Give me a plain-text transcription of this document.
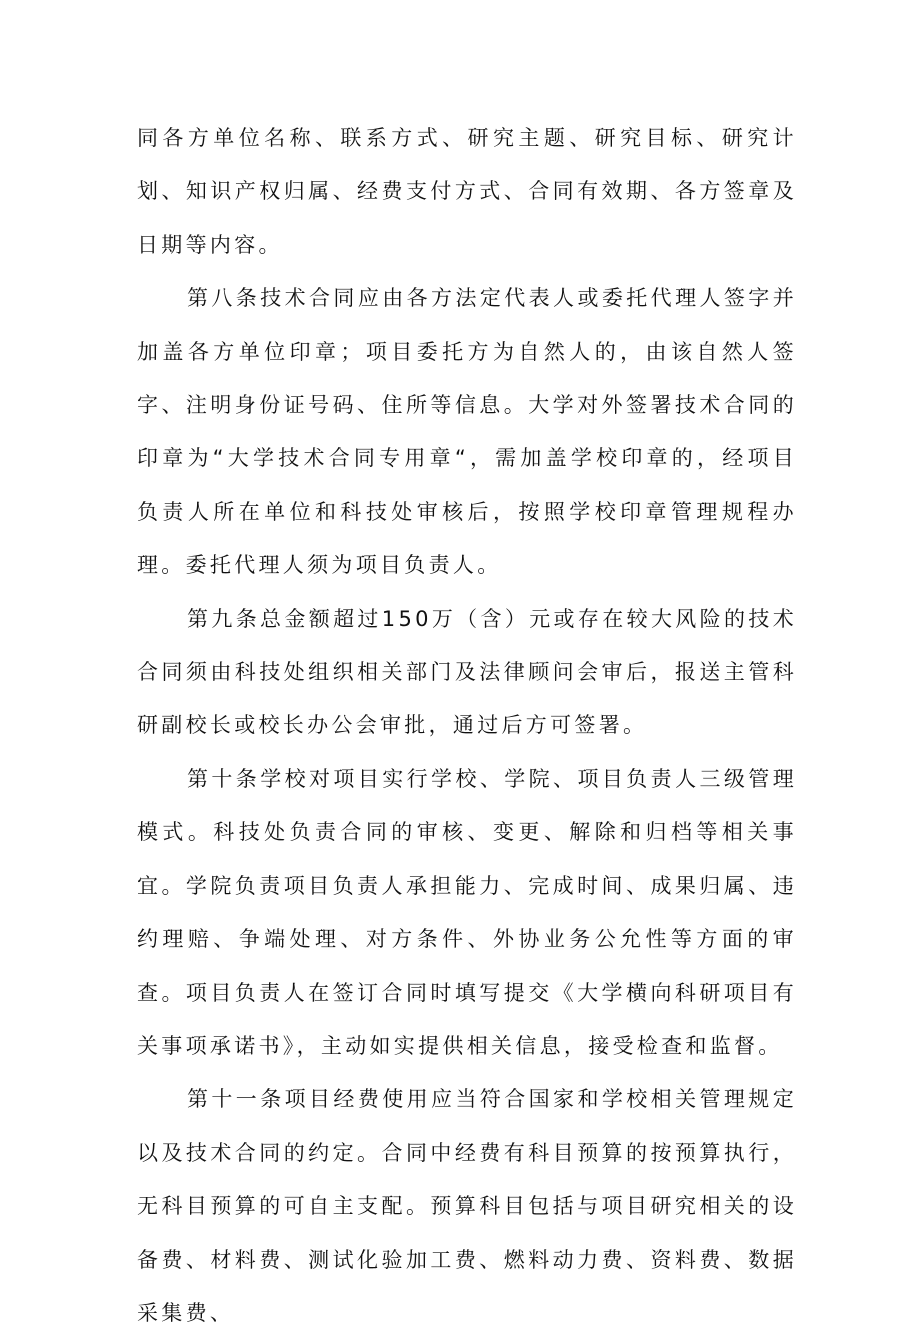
同各方单位名称、联系方式、研究主题、研究目标、研究计划、知识产权归属、经费支付方式、合同有效期、各方签章及日期等内容。

第八条技术合同应由各方法定代表人或委托代理人签字并加盖各方单位印章；项目委托方为自然人的，由该自然人签字、注明身份证号码、住所等信息。大学对外签署技术合同的印章为“大学技术合同专用章“，需加盖学校印章的，经项目负责人所在单位和科技处审核后，按照学校印章管理规程办理。委托代理人须为项目负责人。

第九条总金额超过150万（含）元或存在较大风险的技术合同须由科技处组织相关部门及法律顾问会审后，报送主管科研副校长或校长办公会审批，通过后方可签署。

第十条学校对项目实行学校、学院、项目负责人三级管理模式。科技处负责合同的审核、变更、解除和归档等相关事宜。学院负责项目负责人承担能力、完成时间、成果归属、违约理赔、争端处理、对方条件、外协业务公允性等方面的审查。项目负责人在签订合同时填写提交《大学横向科研项目有关事项承诺书》，主动如实提供相关信息，接受检查和监督。

第十一条项目经费使用应当符合国家和学校相关管理规定以及技术合同的约定。合同中经费有科目预算的按预算执行，无科目预算的可自主支配。预算科目包括与项目研究相关的设备费、材料费、测试化验加工费、燃料动力费、资料费、数据采集费、
